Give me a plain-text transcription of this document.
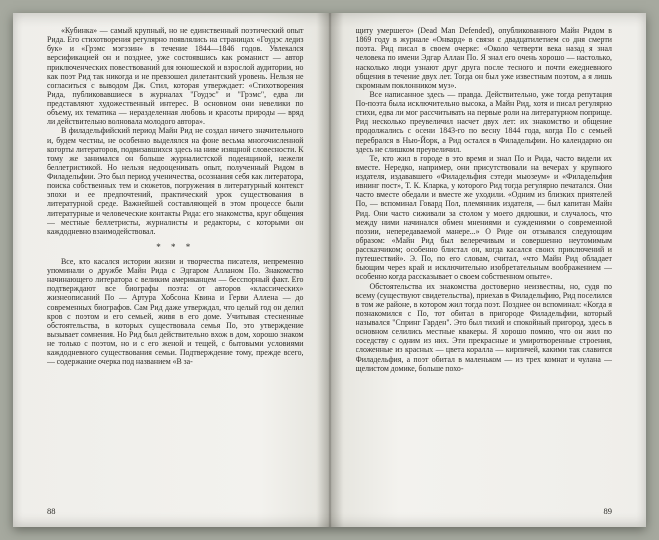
«Кубинка» — самый крупный, но не единственный поэтический опыт Рида. Его стихотворения регулярно появлялись на страницах «Гоудэс ледиз бук» и «Грэмс мэгэзин» в течение 1844—1846 годов. Увлекался версификацией он и позднее, уже состоявшись как романист — автор приключенческих повествований для юношеской и взрослой аудитории, но как поэт Рид так никогда и не превзошел дилетантский уровень. Нельзя не согласиться с выводом Дж. Стил, которая утверждает: «Стихотворения Рида, публиковавшиеся в журналах "Гоудэс" и "Грэмс", едва ли представляют художественный интерес. В основном они невелики по объему, их тематика — неразделенная любовь и красоты природы — вряд ли действительно волновала молодого автора».

В филадельфийский период Майн Рид не создал ничего значительного и, будем честны, не особенно выделялся на фоне весьма многочисленной когорты литераторов, подвизавшихся здесь на ниве изящной словесности. К тому же занимался он больше журналистской поденщиной, нежели беллетристикой. Но нельзя недооценивать опыт, полученный Ридом в Филадельфии. Это был период ученичества, осознания себя как литератора, поиска собственных тем и сюжетов, погружения в литературный контекст эпохи и ее предпочтений, практический урок существования в литературной среде. Важнейшей составляющей в этом процессе были литературные и человеческие контакты Рида: его знакомства, круг общения — местные беллетристы, журналисты и редакторы, с которыми он каждодневно взаимодействовал.

* * *

Все, кто касался истории жизни и творчества писателя, непременно упоминали о дружбе Майн Рида с Эдгаром Алланом По. Знакомство начинающего литератора с великим американцем — бесспорный факт. Его подтверждают все биографы поэта: от авторов «классических» жизнеописаний По — Артура Хобсона Квина и Герви Аллена — до современных биографов. Сам Рид даже утверждал, что целый год он делил кров с поэтом и его семьей, живя в его доме. Учитывая стесненные обстоятельства, в которых существовала семья По, это утверждение вызывает сомнения. Но Рид был действительно вхож в дом, хорошо знаком не только с поэтом, но и с его женой и тещей, с бытовыми условиями каждодневного существования семьи. Подтверждение тому, прежде всего, — содержание очерка под названием «В за-

88

щиту умершего» (Dead Man Defended), опубликованного Майн Ридом в 1869 году в журнале «Онвард» в связи с двадцатилетием со дня смерти поэта. Рид писал в своем очерке: «Около четверти века назад я знал человека по имени Эдгар Аллан По. Я знал его очень хорошо — настолько, насколько люди узнают друг друга после тесного и почти ежедневного общения в течение двух лет. Тогда он был уже известным поэтом, а я лишь скромным поклонником муз».

Все написанное здесь — правда. Действительно, уже тогда репутация По-поэта была исключительно высока, а Майн Рид, хотя и писал регулярно стихи, едва ли мог рассчитывать на первые роли на литературном поприще. Рид несколько преувеличил насчет двух лет: их знакомство и общение продолжались с осени 1843-го по весну 1844 года, когда По с семьей перебрался в Нью-Йорк, а Рид остался в Филадельфии. Но календарно он здесь не слишком преувеличил.

Те, кто жил в городе в это время и знал По и Рида, часто видели их вместе. Нередко, например, они присутствовали на вечерах у крупного издателя, издававшего «Филадельфия сэтеди мьюзеум» и «Филадельфия ивнинг пост», Т. К. Кларка, у которого Рид тогда регулярно печатался. Они часто вместе обедали и вместе же уходили. «Одним из близких приятелей По, — вспоминал Говард Пол, племянник издателя, — был капитан Майн Рид. Они часто сиживали за столом у моего дядюшки, и случалось, что между ними начинался обмен мнениями и суждениями о современной поэзии, непередаваемой манере...» О Риде он отзывался следующим образом: «Майн Рид был велеречивым и совершенно неутомимым рассказчиком; особенно блистал он, когда касался своих приключений и путешествий». Э. По, по его словам, считал, «что Майн Рид обладает бьющим через край и исключительно изобретательным воображением — особенно когда рассказывает о своем собственном опыте».

Обстоятельства их знакомства достоверно неизвестны, но, судя по всему (существуют свидетельства), приехав в Филадельфию, Рид поселился в том же районе, в котором жил тогда поэт. Позднее он вспоминал: «Когда я познакомился с По, тот обитал в пригороде Филадельфии, который назывался "Спринг Гарден". Это был тихий и спокойный пригород, здесь в основном селились местные квакеры. Я хорошо помню, что он жил по соседству с одним из них. Эти прекрасные и умиротворенные строения, сложенные из красных — цвета коралла — кирпичей, какими так славится Филадельфия, а поэт обитал в маленьком — из трех комнат и чулана — щелистом домике, больше похо-

89
